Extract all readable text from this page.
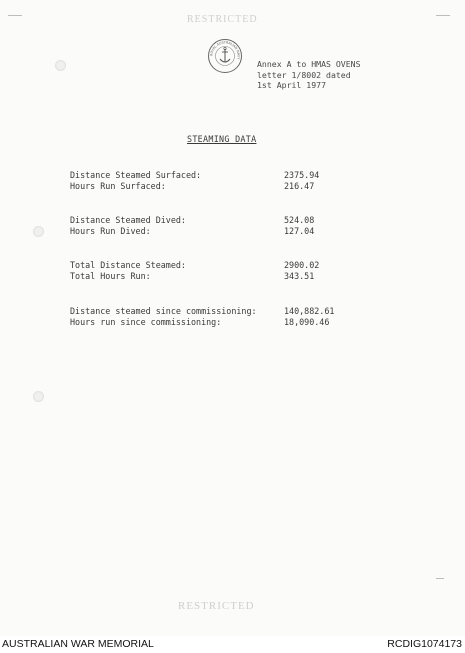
RESTRICTED
ROYAL AUSTRALIAN NAVY
Annex A to HMAS OVENS
letter 1/8002 dated
1st April 1977
STEAMING DATA
Distance Steamed Surfaced:	2375.94
Hours Run Surfaced:	216.47
Distance Steamed Dived:	524.08
Hours Run Dived:	127.04
Total Distance Steamed:	2900.02
Total Hours Run:	343.51
Distance steamed since commissioning:	140,882.61
Hours run since commissioning:	18,090.46
RESTRICTED
AUSTRALIAN WAR MEMORIAL	RCDIG1074173
